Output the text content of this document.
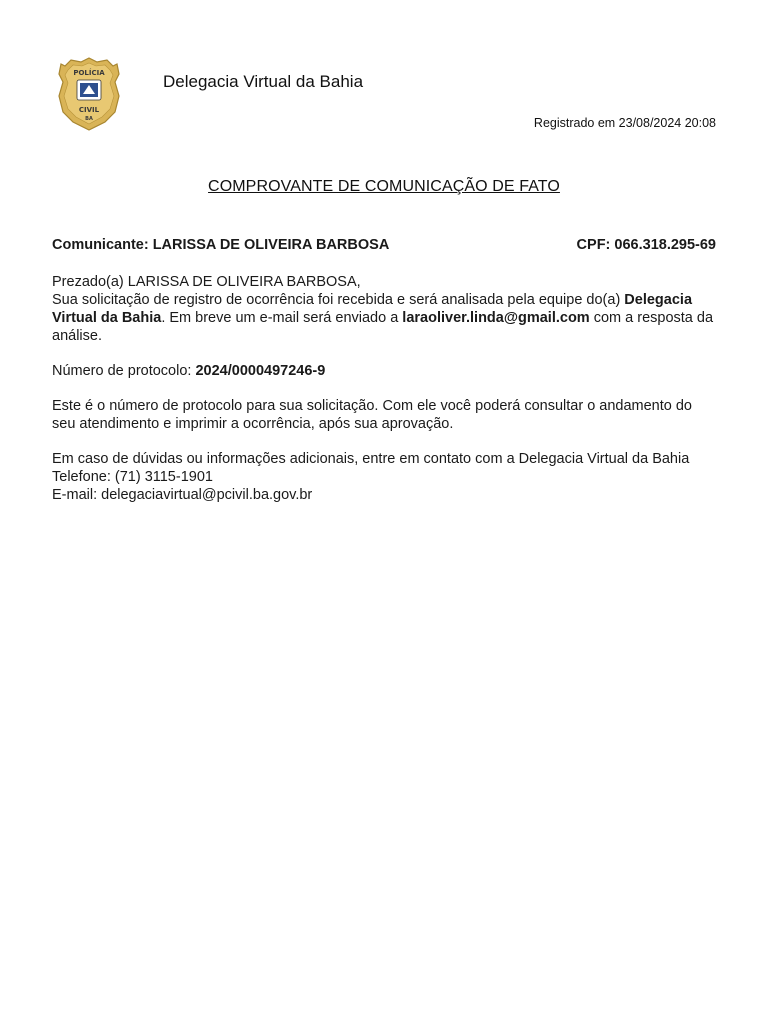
POLÍCIA
CIVIL
BA
Delegacia Virtual da Bahia
Registrado em 23/08/2024 20:08
COMPROVANTE DE COMUNICAÇÃO DE FATO
Comunicante: LARISSA DE OLIVEIRA BARBOSA	CPF: 066.318.295-69

Prezado(a) LARISSA DE OLIVEIRA BARBOSA,

Sua solicitação de registro de ocorrência foi recebida e será analisada pela equipe do(a) Delegacia Virtual da Bahia. Em breve um e-mail será enviado a laraoliver.linda@gmail.com com a resposta da análise.

Número de protocolo: 2024/0000497246-9

Este é o número de protocolo para sua solicitação. Com ele você poderá consultar o andamento do seu atendimento e imprimir a ocorrência, após sua aprovação.

Em caso de dúvidas ou informações adicionais, entre em contato com a Delegacia Virtual da Bahia

Telefone: (71) 3115-1901

E-mail: delegaciavirtual@pcivil.ba.gov.br
